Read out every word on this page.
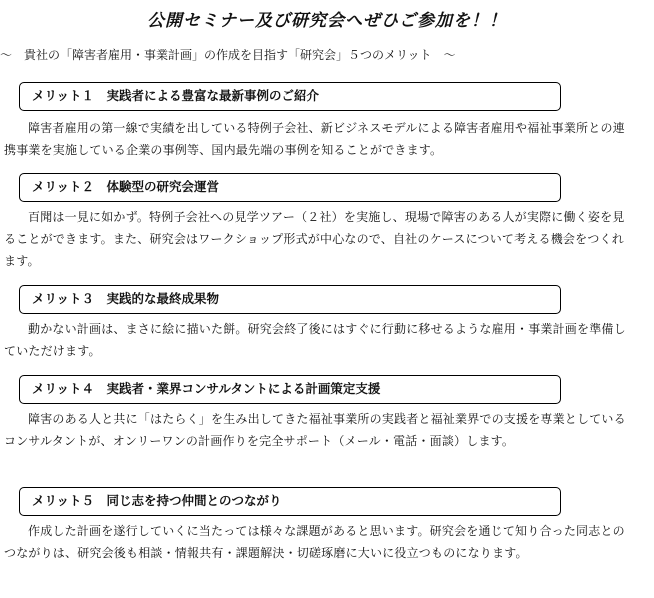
公開セミナー及び研究会へぜひご参加を！！
～　貴社の「障害者雇用・事業計画」の作成を目指す「研究会」５つのメリット　～
メリット１　実践者による豊富な最新事例のご紹介
障害者雇用の第一線で実績を出している特例子会社、新ビジネスモデルによる障害者雇用や福祉事業所との連携事業を実施している企業の事例等、国内最先端の事例を知ることができます。
メリット２　体験型の研究会運営
百聞は一見に如かず。特例子会社への見学ツアー（２社）を実施し、現場で障害のある人が実際に働く姿を見ることができます。また、研究会はワークショップ形式が中心なので、自社のケースについて考える機会をつくれます。
メリット３　実践的な最終成果物
動かない計画は、まさに絵に描いた餅。研究会終了後にはすぐに行動に移せるような雇用・事業計画を準備していただけます。
メリット４　実践者・業界コンサルタントによる計画策定支援
障害のある人と共に「はたらく」を生み出してきた福祉事業所の実践者と福祉業界での支援を専業としているコンサルタントが、オンリーワンの計画作りを完全サポート（メール・電話・面談）します。
メリット５　同じ志を持つ仲間とのつながり
作成した計画を遂行していくに当たっては様々な課題があると思います。研究会を通じて知り合った同志とのつながりは、研究会後も相談・情報共有・課題解決・切磋琢磨に大いに役立つものになります。
